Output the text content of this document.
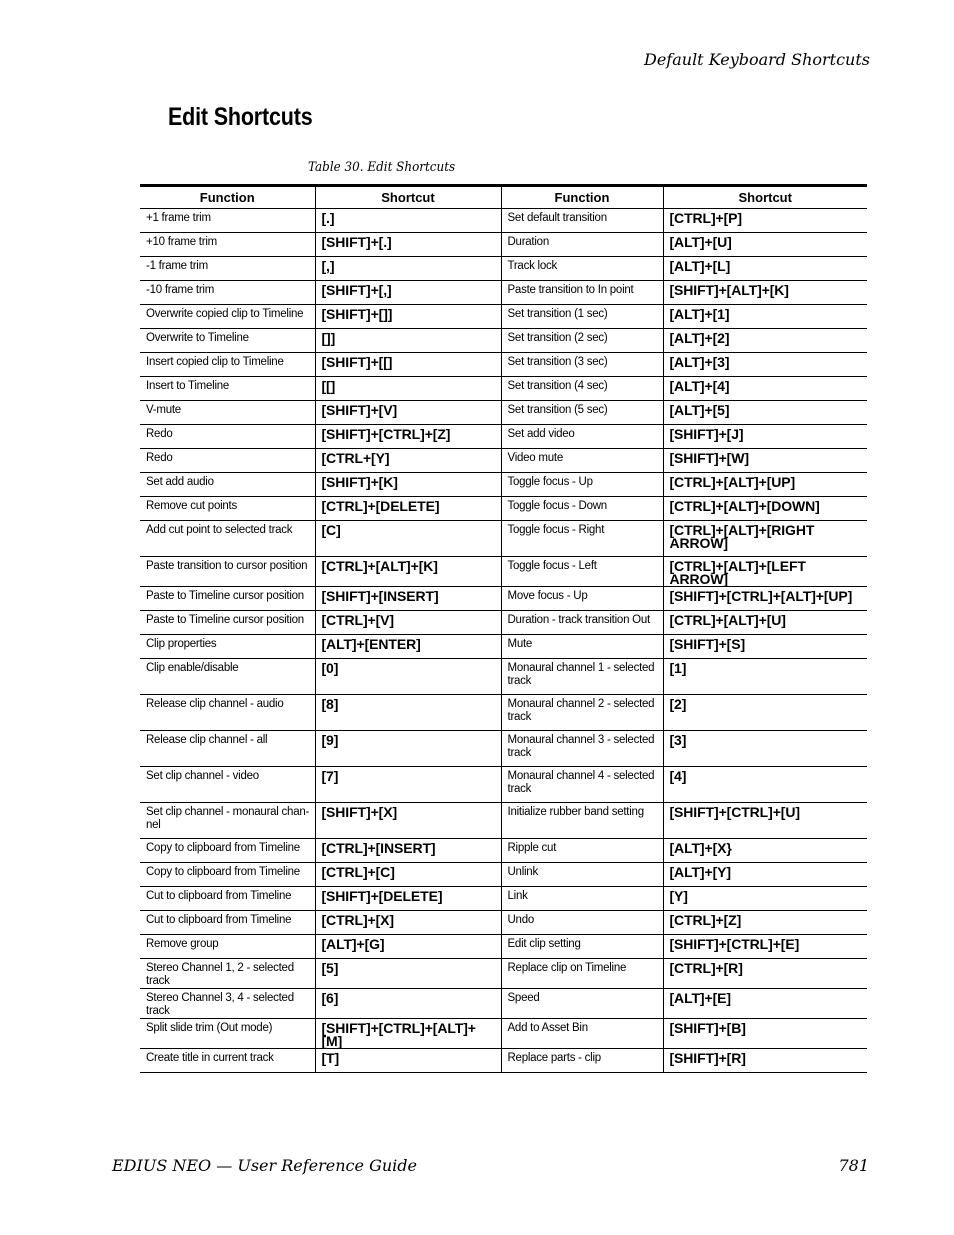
Default Keyboard Shortcuts
Edit Shortcuts
Table 30. Edit Shortcuts
Function	Shortcut	Function	Shortcut
+1 frame trim	[.]	Set default transition	[CTRL]+[P]
+10 frame trim	[SHIFT]+[.]	Duration	[ALT]+[U]
-1 frame trim	[,]	Track lock	[ALT]+[L]
-10 frame trim	[SHIFT]+[,]	Paste transition to In point	[SHIFT]+[ALT]+[K]
Overwrite copied clip to Timeline	[SHIFT]+[]]	Set transition (1 sec)	[ALT]+[1]
Overwrite to Timeline	[]]	Set transition (2 sec)	[ALT]+[2]
Insert copied clip to Timeline	[SHIFT]+[[]	Set transition (3 sec)	[ALT]+[3]
Insert to Timeline	[[]	Set transition (4 sec)	[ALT]+[4]
V-mute	[SHIFT]+[V]	Set transition (5 sec)	[ALT]+[5]
Redo	[SHIFT]+[CTRL]+[Z]	Set add video	[SHIFT]+[J]
Redo	[CTRL+[Y]	Video mute	[SHIFT]+[W]
Set add audio	[SHIFT]+[K]	Toggle focus - Up	[CTRL]+[ALT]+[UP]
Remove cut points	[CTRL]+[DELETE]	Toggle focus - Down	[CTRL]+[ALT]+[DOWN]
Add cut point to selected track	[C]	Toggle focus - Right	[CTRL]+[ALT]+[RIGHT ARROW]
Paste transition to cursor position	[CTRL]+[ALT]+[K]	Toggle focus - Left	[CTRL]+[ALT]+[LEFT ARROW]
Paste to Timeline cursor position	[SHIFT]+[INSERT]	Move focus - Up	[SHIFT]+[CTRL]+[ALT]+[UP]
Paste to Timeline cursor position	[CTRL]+[V]	Duration - track transition Out	[CTRL]+[ALT]+[U]
Clip properties	[ALT]+[ENTER]	Mute	[SHIFT]+[S]
Clip enable/disable	[0]	Monaural channel 1 - selected track	[1]
Release clip channel - audio	[8]	Monaural channel 2 - selected track	[2]
Release clip channel - all	[9]	Monaural channel 3 - selected track	[3]
Set clip channel - video	[7]	Monaural channel 4 - selected track	[4]
Set clip channel - monaural chan-nel	[SHIFT]+[X]	Initialize rubber band setting	[SHIFT]+[CTRL]+[U]
Copy to clipboard from Timeline	[CTRL]+[INSERT]	Ripple cut	[ALT]+[X}
Copy to clipboard from Timeline	[CTRL]+[C]	Unlink	[ALT]+[Y]
Cut to clipboard from Timeline	[SHIFT]+[DELETE]	Link	[Y]
Cut to clipboard from Timeline	[CTRL]+[X]	Undo	[CTRL]+[Z]
Remove group	[ALT]+[G]	Edit clip setting	[SHIFT]+[CTRL]+[E]
Stereo Channel 1, 2 - selected track	[5]	Replace clip on Timeline	[CTRL]+[R]
Stereo Channel 3, 4 - selected track	[6]	Speed	[ALT]+[E]
Split slide trim (Out mode)	[SHIFT]+[CTRL]+[ALT]+[M]	Add to Asset Bin	[SHIFT]+[B]
Create title in current track	[T]	Replace parts - clip	[SHIFT]+[R]
EDIUS NEO — User Reference Guide	781
